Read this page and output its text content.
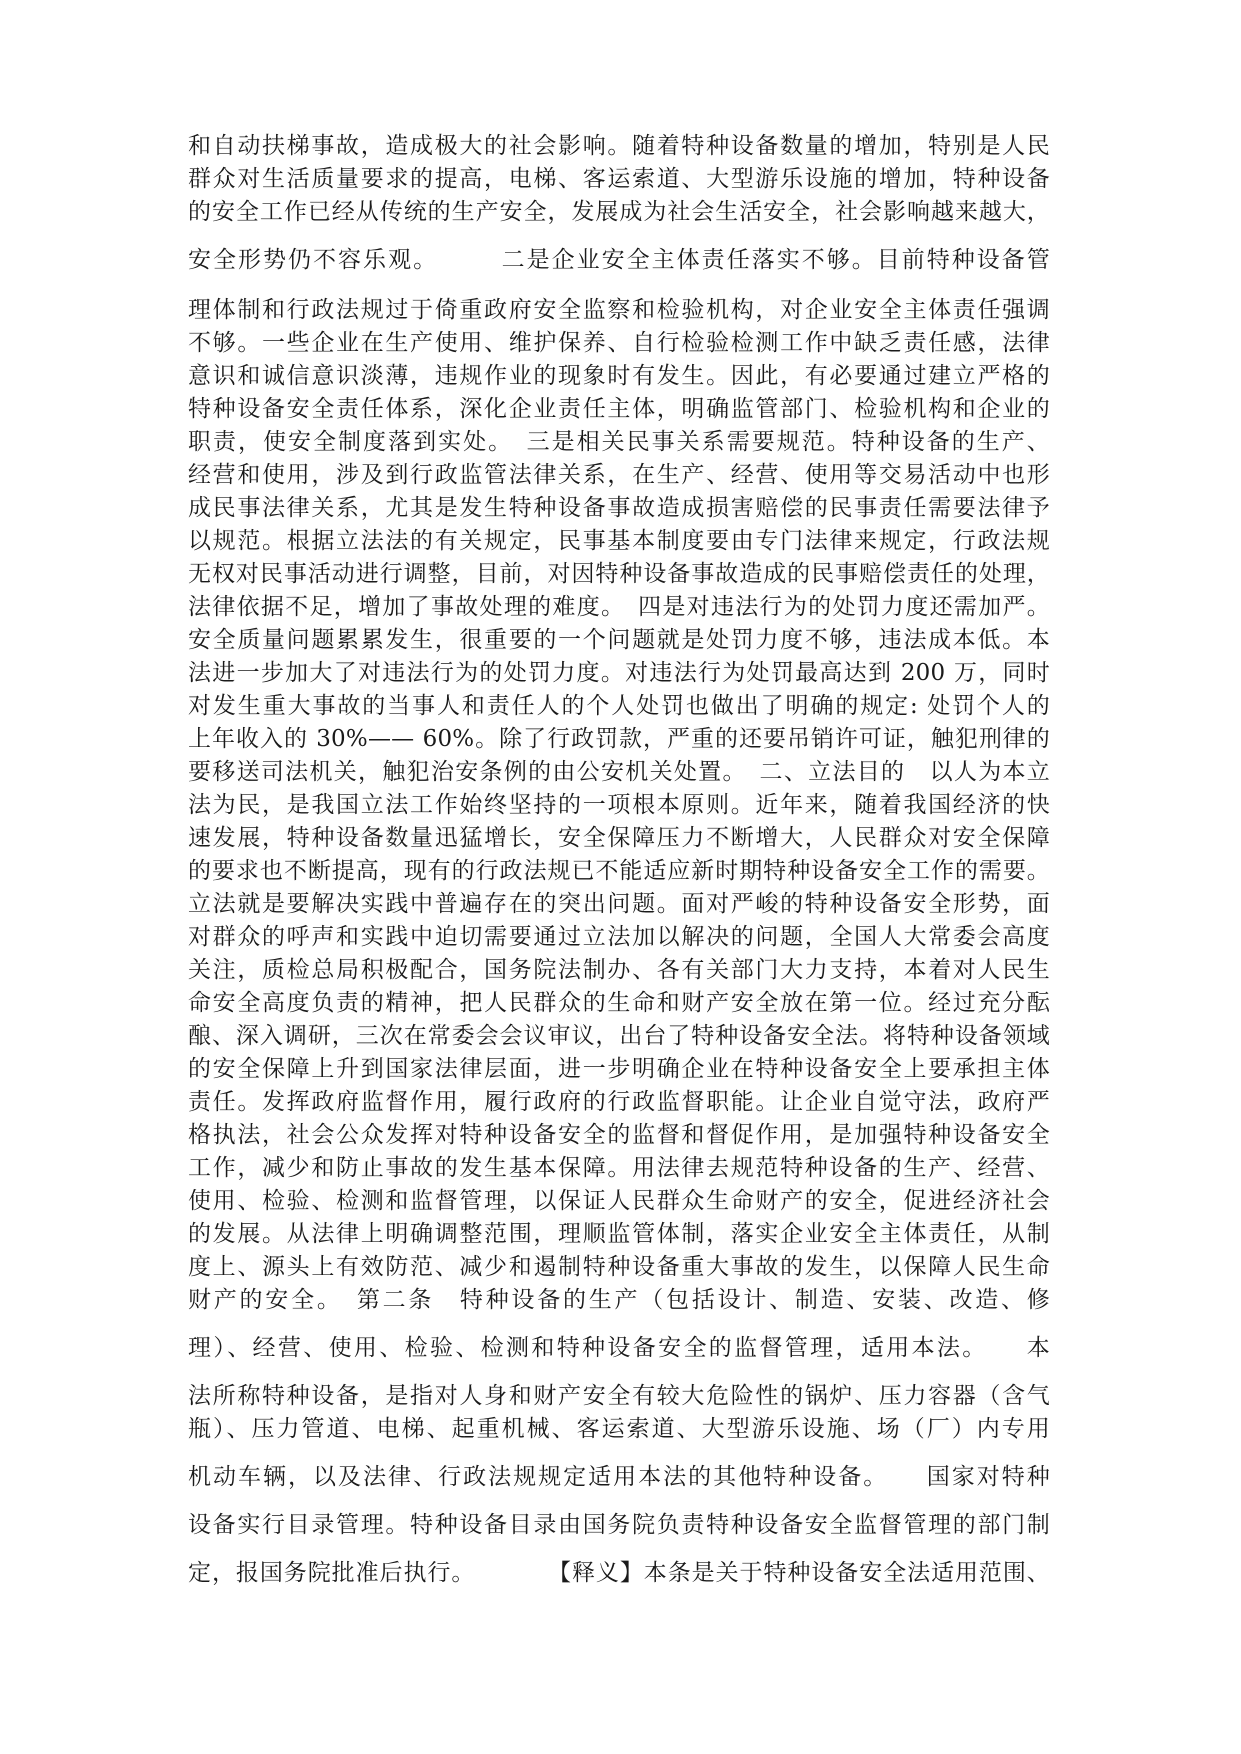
和自动扶梯事故，造成极大的社会影响。随着特种设备数量的增加，特别是人民
群众对生活质量要求的提高，电梯、客运索道、大型游乐设施的增加，特种设备
的安全工作已经从传统的生产安全，发展成为社会生活安全，社会影响越来越大，
安全形势仍不容乐观。　　　二是企业安全主体责任落实不够。目前特种设备管
理体制和行政法规过于倚重政府安全监察和检验机构，对企业安全主体责任强调
不够。一些企业在生产使用、维护保养、自行检验检测工作中缺乏责任感，法律
意识和诚信意识淡薄，违规作业的现象时有发生。因此，有必要通过建立严格的
特种设备安全责任体系，深化企业责任主体，明确监管部门、检验机构和企业的
职责，使安全制度落到实处。　三是相关民事关系需要规范。特种设备的生产、
经营和使用，涉及到行政监管法律关系，在生产、经营、使用等交易活动中也形
成民事法律关系，尤其是发生特种设备事故造成损害赔偿的民事责任需要法律予
以规范。根据立法法的有关规定，民事基本制度要由专门法律来规定，行政法规
无权对民事活动进行调整，目前，对因特种设备事故造成的民事赔偿责任的处理，
法律依据不足，增加了事故处理的难度。　四是对违法行为的处罚力度还需加严。
安全质量问题累累发生，很重要的一个问题就是处罚力度不够，违法成本低。本
法进一步加大了对违法行为的处罚力度。对违法行为处罚最高达到 200 万，同时
对发生重大事故的当事人和责任人的个人处罚也做出了明确的规定: 处罚个人的
上年收入的 30%—— 60%。除了行政罚款，严重的还要吊销许可证，触犯刑律的
要移送司法机关，触犯治安条例的由公安机关处置。　二、立法目的　以人为本立
法为民，是我国立法工作始终坚持的一项根本原则。近年来，随着我国经济的快
速发展，特种设备数量迅猛增长，安全保障压力不断增大，人民群众对安全保障
的要求也不断提高，现有的行政法规已不能适应新时期特种设备安全工作的需要。
立法就是要解决实践中普遍存在的突出问题。面对严峻的特种设备安全形势，面
对群众的呼声和实践中迫切需要通过立法加以解决的问题，全国人大常委会高度
关注，质检总局积极配合，国务院法制办、各有关部门大力支持，本着对人民生
命安全高度负责的精神，把人民群众的生命和财产安全放在第一位。经过充分酝
酿、深入调研，三次在常委会会议审议，出台了特种设备安全法。将特种设备领域
的安全保障上升到国家法律层面，进一步明确企业在特种设备安全上要承担主体
责任。发挥政府监督作用，履行政府的行政监督职能。让企业自觉守法，政府严
格执法，社会公众发挥对特种设备安全的监督和督促作用，是加强特种设备安全
工作，减少和防止事故的发生基本保障。用法律去规范特种设备的生产、经营、
使用、检验、检测和监督管理，以保证人民群众生命财产的安全，促进经济社会
的发展。从法律上明确调整范围，理顺监管体制，落实企业安全主体责任，从制
度上、源头上有效防范、减少和遏制特种设备重大事故的发生，以保障人民生命
财产的安全。　第二条　特种设备的生产（包括设计、制造、安装、改造、修
理）、经营、使用、检验、检测和特种设备安全的监督管理，适用本法。　　本
法所称特种设备，是指对人身和财产安全有较大危险性的锅炉、压力容器（含气
瓶）、压力管道、电梯、起重机械、客运索道、大型游乐设施、场（厂）内专用
机动车辆，以及法律、行政法规规定适用本法的其他特种设备。　　国家对特种
设备实行目录管理。特种设备目录由国务院负责特种设备安全监督管理的部门制
定，报国务院批准后执行。　　　　【释义】本条是关于特种设备安全法适用范围、
